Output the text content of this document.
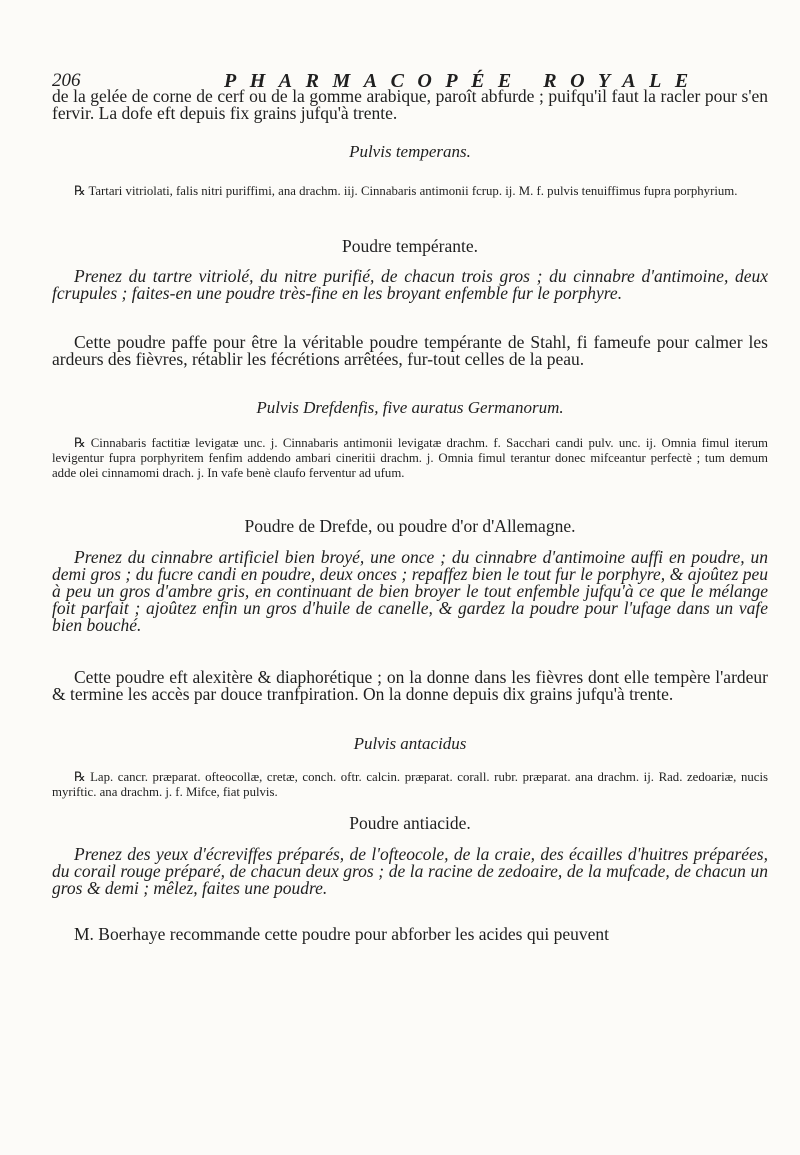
206	PHARMACOPÉE ROYALE

de la gelée de corne de cerf ou de la gomme arabique, paroît abfurde ; puifqu'il faut la racler pour s'en fervir. La dofe eft depuis fix grains jufqu'à trente.

Pulvis temperans.

℞ Tartari vitriolati, falis nitri puriffimi, ana drachm. iij. Cinnabaris antimonii fcrup. ij. M. f. pulvis tenuiffimus fupra porphyrium.

Poudre tempérante.

Prenez du tartre vitriolé, du nitre purifié, de chacun trois gros ; du cinnabre d'antimoine, deux fcrupules ; faites-en une poudre très-fine en les broyant enfemble fur le porphyre.

Cette poudre paffe pour être la véritable poudre tempérante de Stahl, fi fameufe pour calmer les ardeurs des fièvres, rétablir les fécrétions arrêtées, fur-tout celles de la peau.

Pulvis Drefdenfis, five auratus Germanorum.

℞ Cinnabaris factitiæ levigatæ unc. j. Cinnabaris antimonii levigatæ drachm. f. Sacchari candi pulv. unc. ij. Omnia fimul iterum levigentur fupra porphyritem fenfim addendo ambari cineritii drachm. j. Omnia fimul terantur donec mifceantur perfectè ; tum demum adde olei cinnamomi drach. j. In vafe benè claufo ferventur ad ufum.

Poudre de Drefde, ou poudre d'or d'Allemagne.

Prenez du cinnabre artificiel bien broyé, une once ; du cinnabre d'antimoine auffi en poudre, un demi gros ; du fucre candi en poudre, deux onces ; repaffez bien le tout fur le porphyre, & ajoûtez peu à peu un gros d'ambre gris, en continuant de bien broyer le tout enfemble jufqu'à ce que le mélange foit parfait ; ajoûtez enfin un gros d'huile de canelle, & gardez la poudre pour l'ufage dans un vafe bien bouché.

Cette poudre eft alexitère & diaphorétique ; on la donne dans les fièvres dont elle tempère l'ardeur & termine les accès par douce tranfpiration. On la donne depuis dix grains jufqu'à trente.

Pulvis antacidus

℞ Lap. cancr. præparat. ofteocollæ, cretæ, conch. oftr. calcin. præparat. corall. rubr. præparat. ana drachm. ij. Rad. zedoariæ, nucis myriftic. ana drachm. j. f. Mifce, fiat pulvis.

Poudre antiacide.

Prenez des yeux d'écreviffes préparés, de l'ofteocole, de la craie, des écailles d'huitres préparées, du corail rouge préparé, de chacun deux gros ; de la racine de zedoaire, de la mufcade, de chacun un gros & demi ; mêlez, faites une poudre.

M. Boerhaye recommande cette poudre pour abforber les acides qui peuvent
